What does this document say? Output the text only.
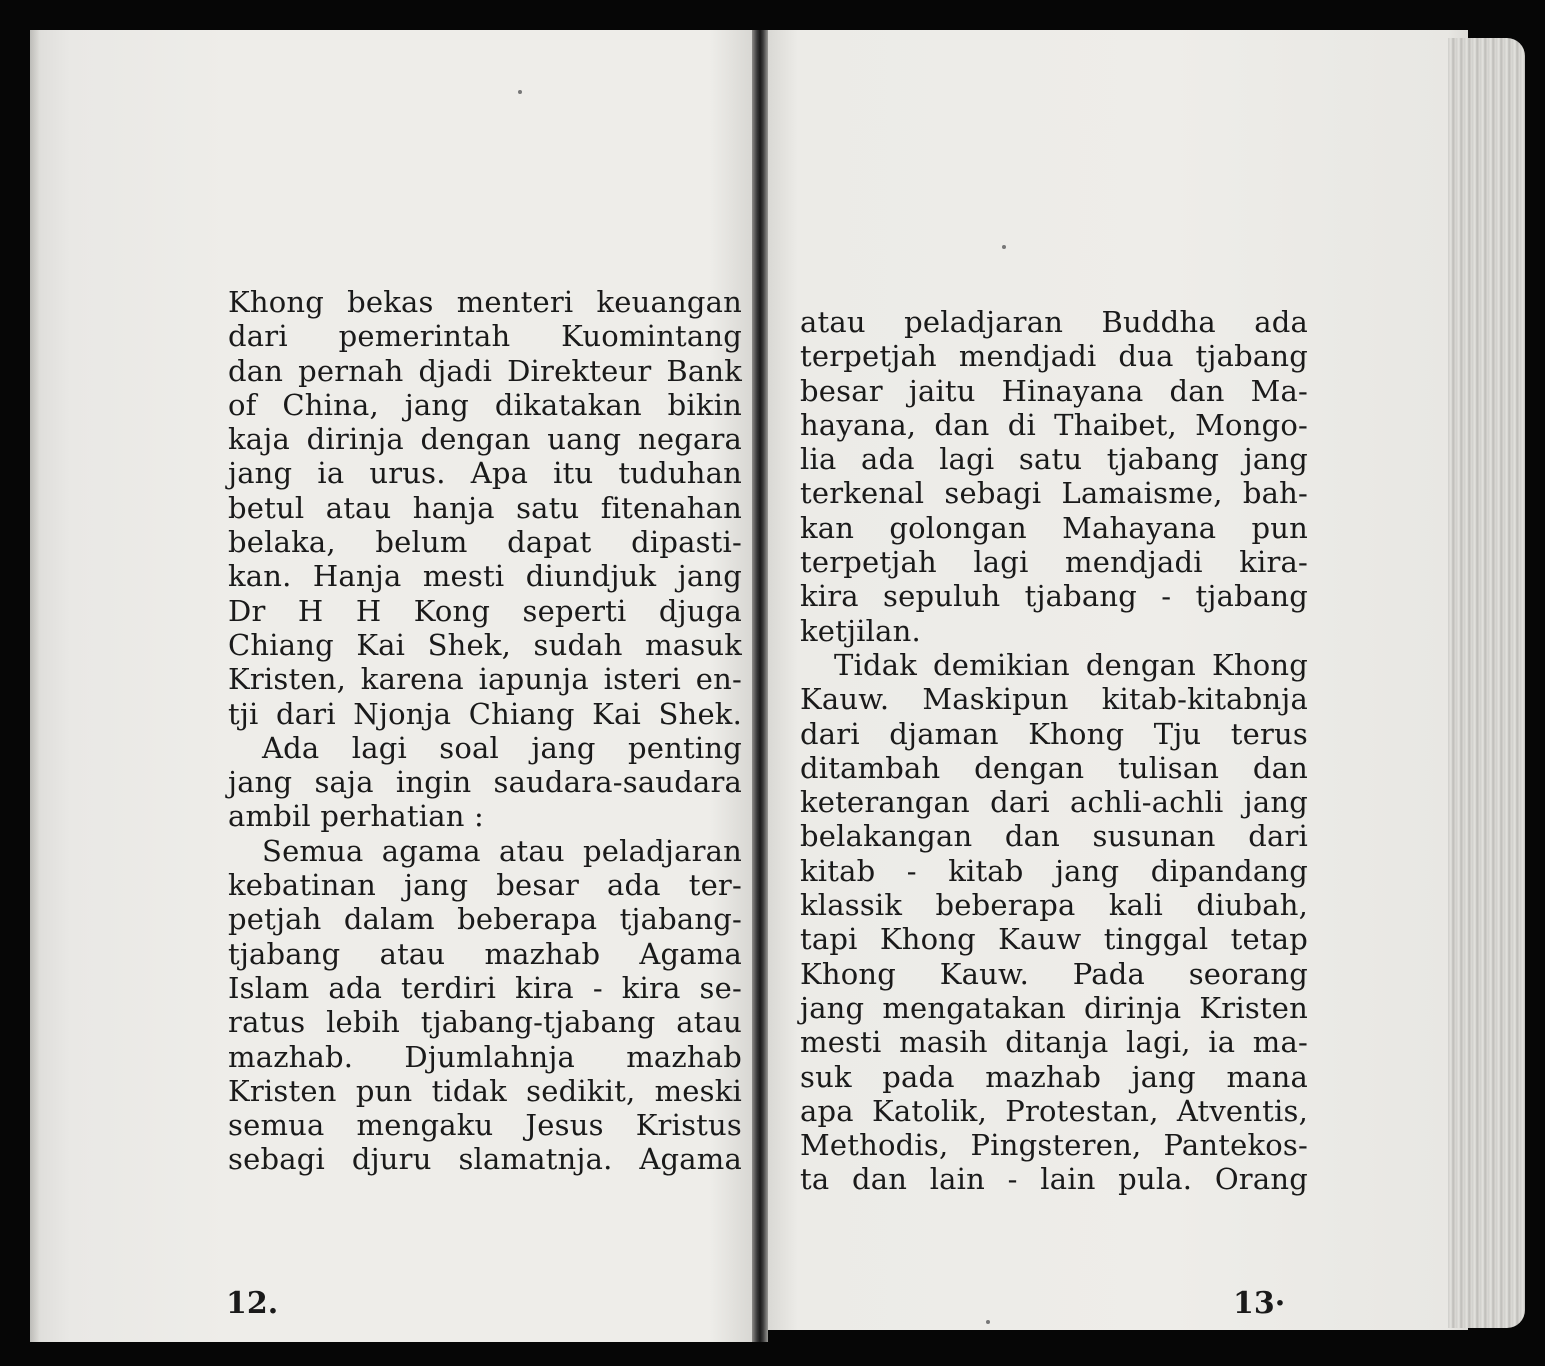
Khong bekas menteri keuangan
dari pemerintah Kuomintang
dan pernah djadi Direkteur Bank
of China, jang dikatakan bikin
kaja dirinja dengan uang negara
jang ia urus. Apa itu tuduhan
betul atau hanja satu fitenahan
belaka, belum dapat dipasti-
kan. Hanja mesti diundjuk jang
Dr H H Kong seperti djuga
Chiang Kai Shek, sudah masuk
Kristen, karena iapunja isteri en-
tji dari Njonja Chiang Kai Shek.
Ada lagi soal jang penting
jang saja ingin saudara-saudara
ambil perhatian :
Semua agama atau peladjaran
kebatinan jang besar ada ter-
petjah dalam beberapa tjabang-
tjabang atau mazhab Agama
Islam ada terdiri kira - kira se-
ratus lebih tjabang-tjabang atau
mazhab. Djumlahnja mazhab
Kristen pun tidak sedikit, meski
semua mengaku Jesus Kristus
sebagi djuru slamatnja. Agama
12.
atau peladjaran Buddha ada
terpetjah mendjadi dua tjabang
besar jaitu Hinayana dan Ma-
hayana, dan di Thaibet, Mongo-
lia ada lagi satu tjabang jang
terkenal sebagi Lamaisme, bah-
kan golongan Mahayana pun
terpetjah lagi mendjadi kira-
kira sepuluh tjabang - tjabang
ketjilan.
Tidak demikian dengan Khong
Kauw. Maskipun kitab-kitabnja
dari djaman Khong Tju terus
ditambah dengan tulisan dan
keterangan dari achli-achli jang
belakangan dan susunan dari
kitab - kitab jang dipandang
klassik beberapa kali diubah,
tapi Khong Kauw tinggal tetap
Khong Kauw. Pada seorang
jang mengatakan dirinja Kristen
mesti masih ditanja lagi, ia ma-
suk pada mazhab jang mana
apa Katolik, Protestan, Atventis,
Methodis, Pingsteren, Pantekos-
ta dan lain - lain pula. Orang
13·
